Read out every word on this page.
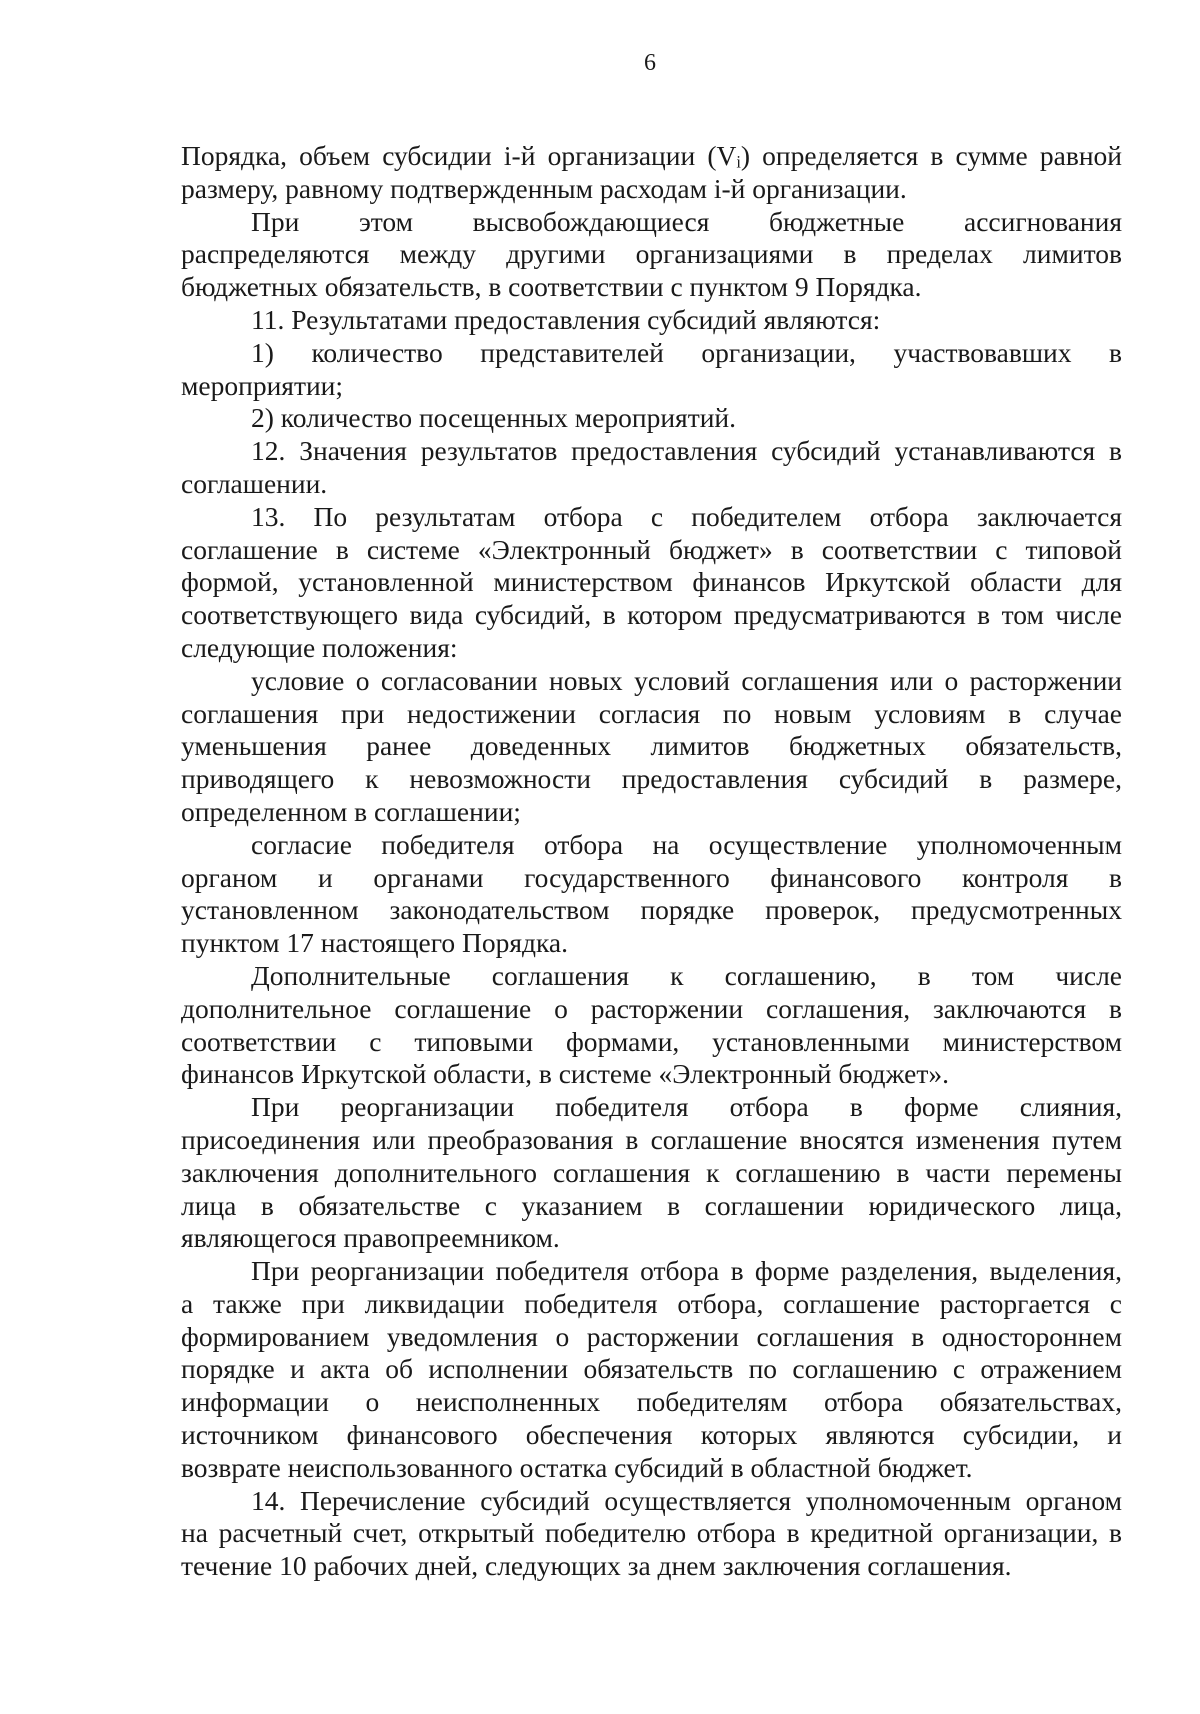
6
Порядка, объем субсидии i-й организации (Vᵢ) определяется в сумме равной
размеру, равному подтвержденным расходам i-й организации.
При этом высвобождающиеся бюджетные ассигнования
распределяются между другими организациями в пределах лимитов
бюджетных обязательств, в соответствии с пунктом 9 Порядка.
11. Результатами предоставления субсидий являются:
1) количество представителей организации, участвовавших в
мероприятии;
2) количество посещенных мероприятий.
12. Значения результатов предоставления субсидий устанавливаются в
соглашении.
13. По результатам отбора с победителем отбора заключается
соглашение в системе «Электронный бюджет» в соответствии с типовой
формой, установленной министерством финансов Иркутской области для
соответствующего вида субсидий, в котором предусматриваются в том числе
следующие положения:
условие о согласовании новых условий соглашения или о расторжении
соглашения при недостижении согласия по новым условиям в случае
уменьшения ранее доведенных лимитов бюджетных обязательств,
приводящего к невозможности предоставления субсидий в размере,
определенном в соглашении;
согласие победителя отбора на осуществление уполномоченным
органом и органами государственного финансового контроля в
установленном законодательством порядке проверок, предусмотренных
пунктом 17 настоящего Порядка.
Дополнительные соглашения к соглашению, в том числе
дополнительное соглашение о расторжении соглашения, заключаются в
соответствии с типовыми формами, установленными министерством
финансов Иркутской области, в системе «Электронный бюджет».
При реорганизации победителя отбора в форме слияния,
присоединения или преобразования в соглашение вносятся изменения путем
заключения дополнительного соглашения к соглашению в части перемены
лица в обязательстве с указанием в соглашении юридического лица,
являющегося правопреемником.
При реорганизации победителя отбора в форме разделения, выделения,
а также при ликвидации победителя отбора, соглашение расторгается с
формированием уведомления о расторжении соглашения в одностороннем
порядке и акта об исполнении обязательств по соглашению с отражением
информации о неисполненных победителям отбора обязательствах,
источником финансового обеспечения которых являются субсидии, и
возврате неиспользованного остатка субсидий в областной бюджет.
14. Перечисление субсидий осуществляется уполномоченным органом
на расчетный счет, открытый победителю отбора в кредитной организации, в
течение 10 рабочих дней, следующих за днем заключения соглашения.
